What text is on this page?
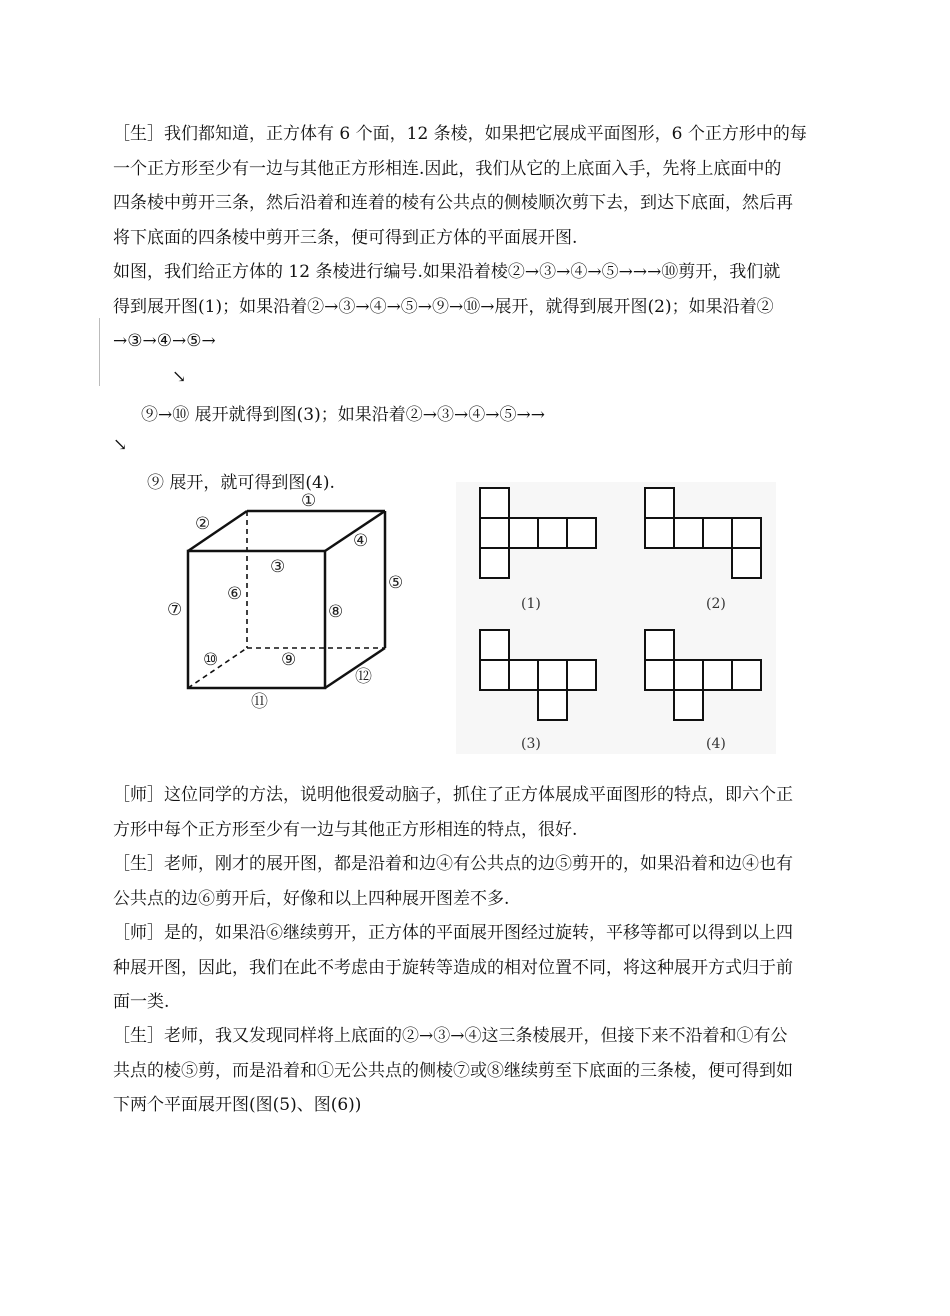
［生］我们都知道，正方体有 6 个面，12 条棱，如果把它展成平面图形，6 个正方形中的每
一个正方形至少有一边与其他正方形相连.因此，我们从它的上底面入手，先将上底面中的
四条棱中剪开三条，然后沿着和连着的棱有公共点的侧棱顺次剪下去，到达下底面，然后再
将下底面的四条棱中剪开三条，便可得到正方体的平面展开图.
如图，我们给正方体的 12 条棱进行编号.如果沿着棱②→③→④→⑤→→→⑩剪开，我们就
得到展开图(1)；如果沿着②→③→④→⑤→⑨→⑩→展开，就得到展开图(2)；如果沿着②
→③→④→⑤→
↘
⑨→⑩ 展开就得到图(3)；如果沿着②→③→④→⑤→→
↘
⑨ 展开，就可得到图(4).
①
②
③
④
⑤
⑥
⑦	⑧
⑨
⑩
⑪
⑫
(1)	(2)
(3)	(4)
［师］这位同学的方法，说明他很爱动脑子，抓住了正方体展成平面图形的特点，即六个正
方形中每个正方形至少有一边与其他正方形相连的特点，很好.
［生］老师，刚才的展开图，都是沿着和边④有公共点的边⑤剪开的，如果沿着和边④也有
公共点的边⑥剪开后，好像和以上四种展开图差不多.
［师］是的，如果沿⑥继续剪开，正方体的平面展开图经过旋转，平移等都可以得到以上四
种展开图，因此，我们在此不考虑由于旋转等造成的相对位置不同，将这种展开方式归于前
面一类.
［生］老师，我又发现同样将上底面的②→③→④这三条棱展开，但接下来不沿着和①有公
共点的棱⑤剪，而是沿着和①无公共点的侧棱⑦或⑧继续剪至下底面的三条棱，便可得到如
下两个平面展开图(图(5)、图(6))
